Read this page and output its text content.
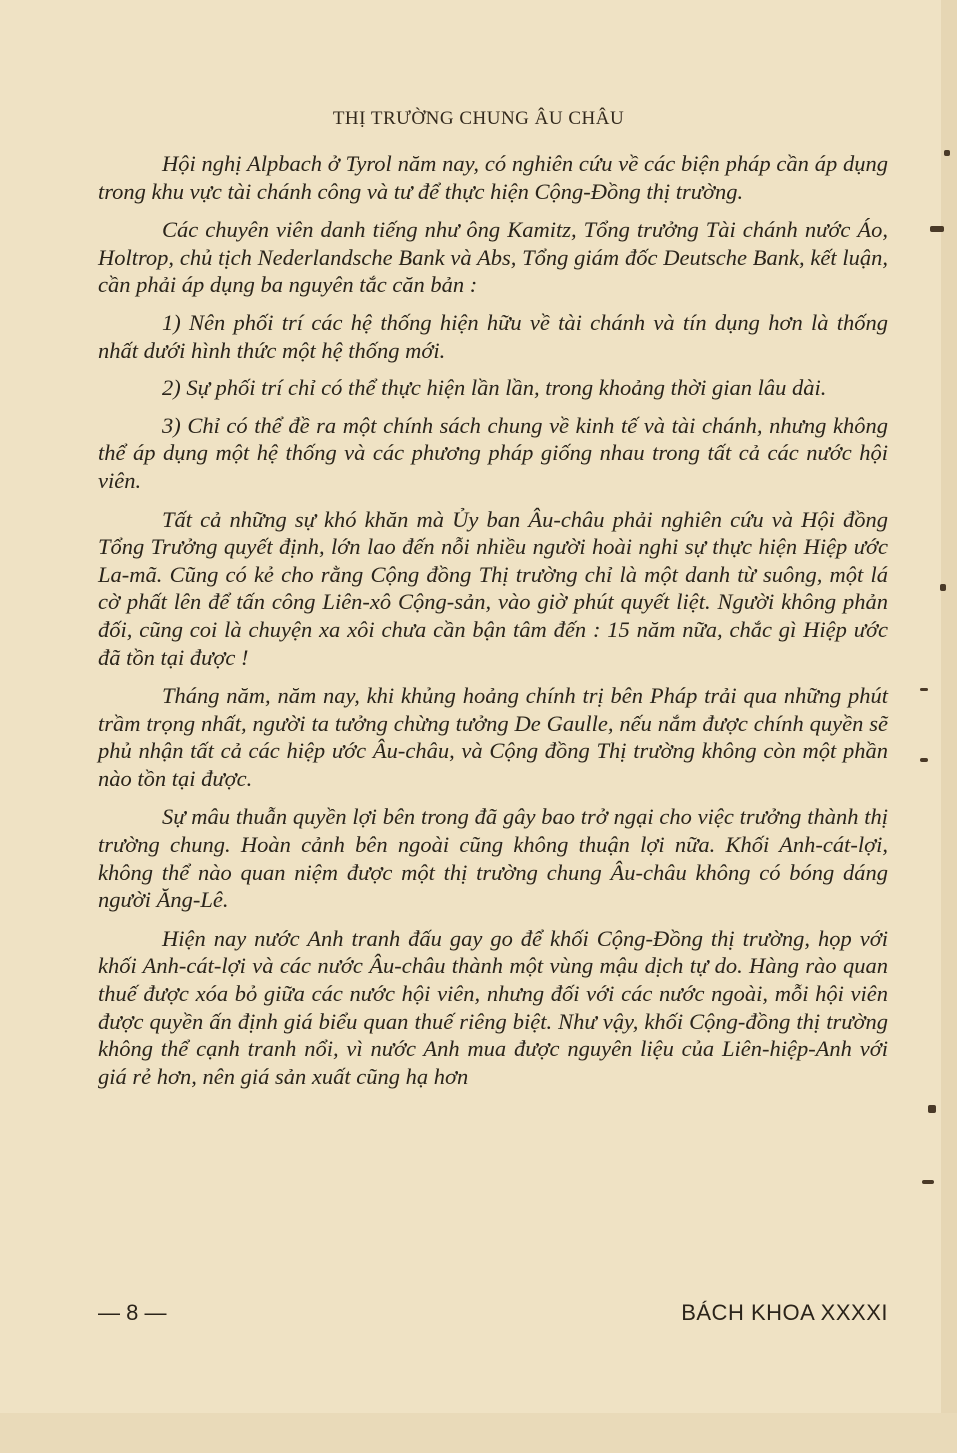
THỊ TRƯỜNG CHUNG ÂU CHÂU

Hội nghị Alpbach ở Tyrol năm nay, có nghiên cứu về các biện pháp cần áp dụng trong khu vực tài chánh công và tư để thực hiện Cộng-Đồng thị trường.

Các chuyên viên danh tiếng như ông Kamitz, Tổng trưởng Tài chánh nước Áo, Holtrop, chủ tịch Nederlandsche Bank và Abs, Tổng giám đốc Deutsche Bank, kết luận, cần phải áp dụng ba nguyên tắc căn bản :

1) Nên phối trí các hệ thống hiện hữu về tài chánh và tín dụng hơn là thống nhất dưới hình thức một hệ thống mới.

2) Sự phối trí chỉ có thể thực hiện lần lần, trong khoảng thời gian lâu dài.

3) Chỉ có thể đề ra một chính sách chung về kinh tế và tài chánh, nhưng không thể áp dụng một hệ thống và các phương pháp giống nhau trong tất cả các nước hội viên.

Tất cả những sự khó khăn mà Ủy ban Âu-châu phải nghiên cứu và Hội đồng Tổng Trưởng quyết định, lớn lao đến nỗi nhiều người hoài nghi sự thực hiện Hiệp ước La-mã. Cũng có kẻ cho rằng Cộng đồng Thị trường chỉ là một danh từ suông, một lá cờ phất lên để tấn công Liên-xô Cộng-sản, vào giờ phút quyết liệt. Người không phản đối, cũng coi là chuyện xa xôi chưa cần bận tâm đến : 15 năm nữa, chắc gì Hiệp ước đã tồn tại được !

Tháng năm, năm nay, khi khủng hoảng chính trị bên Pháp trải qua những phút trầm trọng nhất, người ta tưởng chừng tưởng De Gaulle, nếu nắm được chính quyền sẽ phủ nhận tất cả các hiệp ước Âu-châu, và Cộng đồng Thị trường không còn một phần nào tồn tại được.

Sự mâu thuẫn quyền lợi bên trong đã gây bao trở ngại cho việc trưởng thành thị trường chung. Hoàn cảnh bên ngoài cũng không thuận lợi nữa. Khối Anh-cát-lợi, không thể nào quan niệm được một thị trường chung Âu-châu không có bóng dáng người Ăng-Lê.

Hiện nay nước Anh tranh đấu gay go để khối Cộng-Đồng thị trường, họp với khối Anh-cát-lợi và các nước Âu-châu thành một vùng mậu dịch tự do. Hàng rào quan thuế được xóa bỏ giữa các nước hội viên, nhưng đối với các nước ngoài, mỗi hội viên được quyền ấn định giá biểu quan thuế riêng biệt. Như vậy, khối Cộng-đồng thị trường không thể cạnh tranh nổi, vì nước Anh mua được nguyên liệu của Liên-hiệp-Anh với giá rẻ hơn, nên giá sản xuất cũng hạ hơn

— 8 —	BÁCH KHOA XXXXI
